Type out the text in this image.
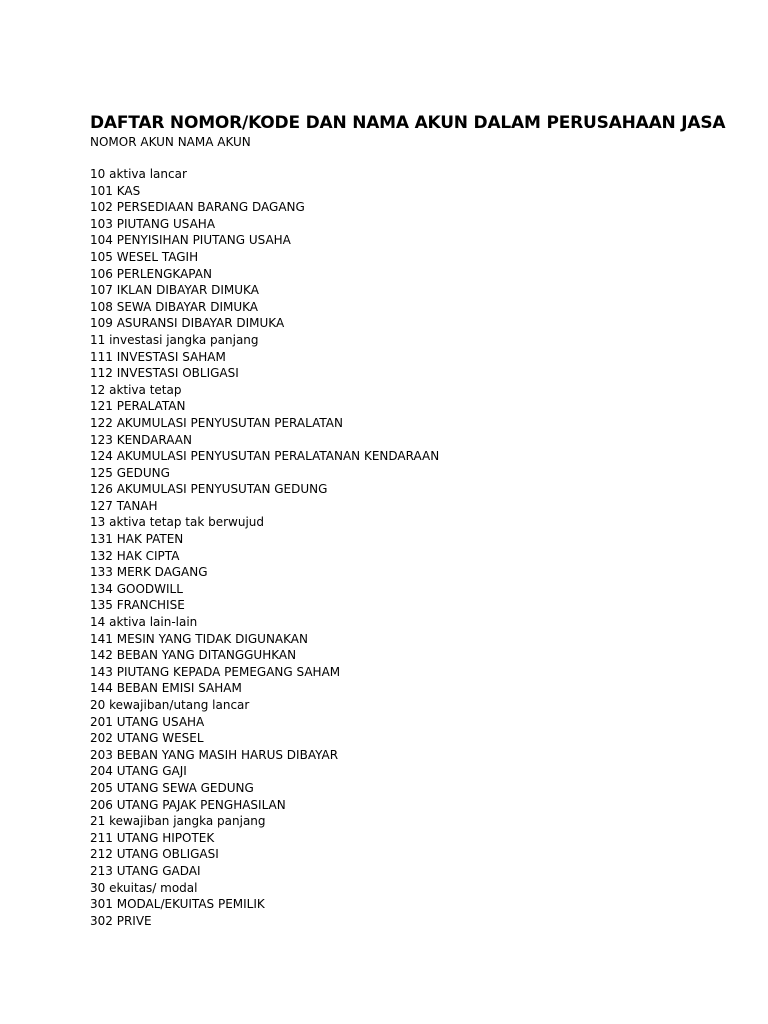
DAFTAR NOMOR/KODE DAN NAMA AKUN DALAM PERUSAHAAN JASA

NOMOR AKUN NAMA AKUN

10 aktiva lancar
101 KAS
102 PERSEDIAAN BARANG DAGANG
103 PIUTANG USAHA
104 PENYISIHAN PIUTANG USAHA
105 WESEL TAGIH
106 PERLENGKAPAN
107 IKLAN DIBAYAR DIMUKA
108 SEWA DIBAYAR DIMUKA
109 ASURANSI DIBAYAR DIMUKA
11 investasi jangka panjang
111 INVESTASI SAHAM
112 INVESTASI OBLIGASI
12 aktiva tetap
121 PERALATAN
122 AKUMULASI PENYUSUTAN PERALATAN
123 KENDARAAN
124 AKUMULASI PENYUSUTAN PERALATANAN KENDARAAN
125 GEDUNG
126 AKUMULASI PENYUSUTAN GEDUNG
127 TANAH
13 aktiva tetap tak berwujud
131 HAK PATEN
132 HAK CIPTA
133 MERK DAGANG
134 GOODWILL
135 FRANCHISE
14 aktiva lain-lain
141 MESIN YANG TIDAK DIGUNAKAN
142 BEBAN YANG DITANGGUHKAN
143 PIUTANG KEPADA PEMEGANG SAHAM
144 BEBAN EMISI SAHAM
20 kewajiban/utang lancar
201 UTANG USAHA
202 UTANG WESEL
203 BEBAN YANG MASIH HARUS DIBAYAR
204 UTANG GAJI
205 UTANG SEWA GEDUNG
206 UTANG PAJAK PENGHASILAN
21 kewajiban jangka panjang
211 UTANG HIPOTEK
212 UTANG OBLIGASI
213 UTANG GADAI
30 ekuitas/ modal
301 MODAL/EKUITAS PEMILIK
302 PRIVE
